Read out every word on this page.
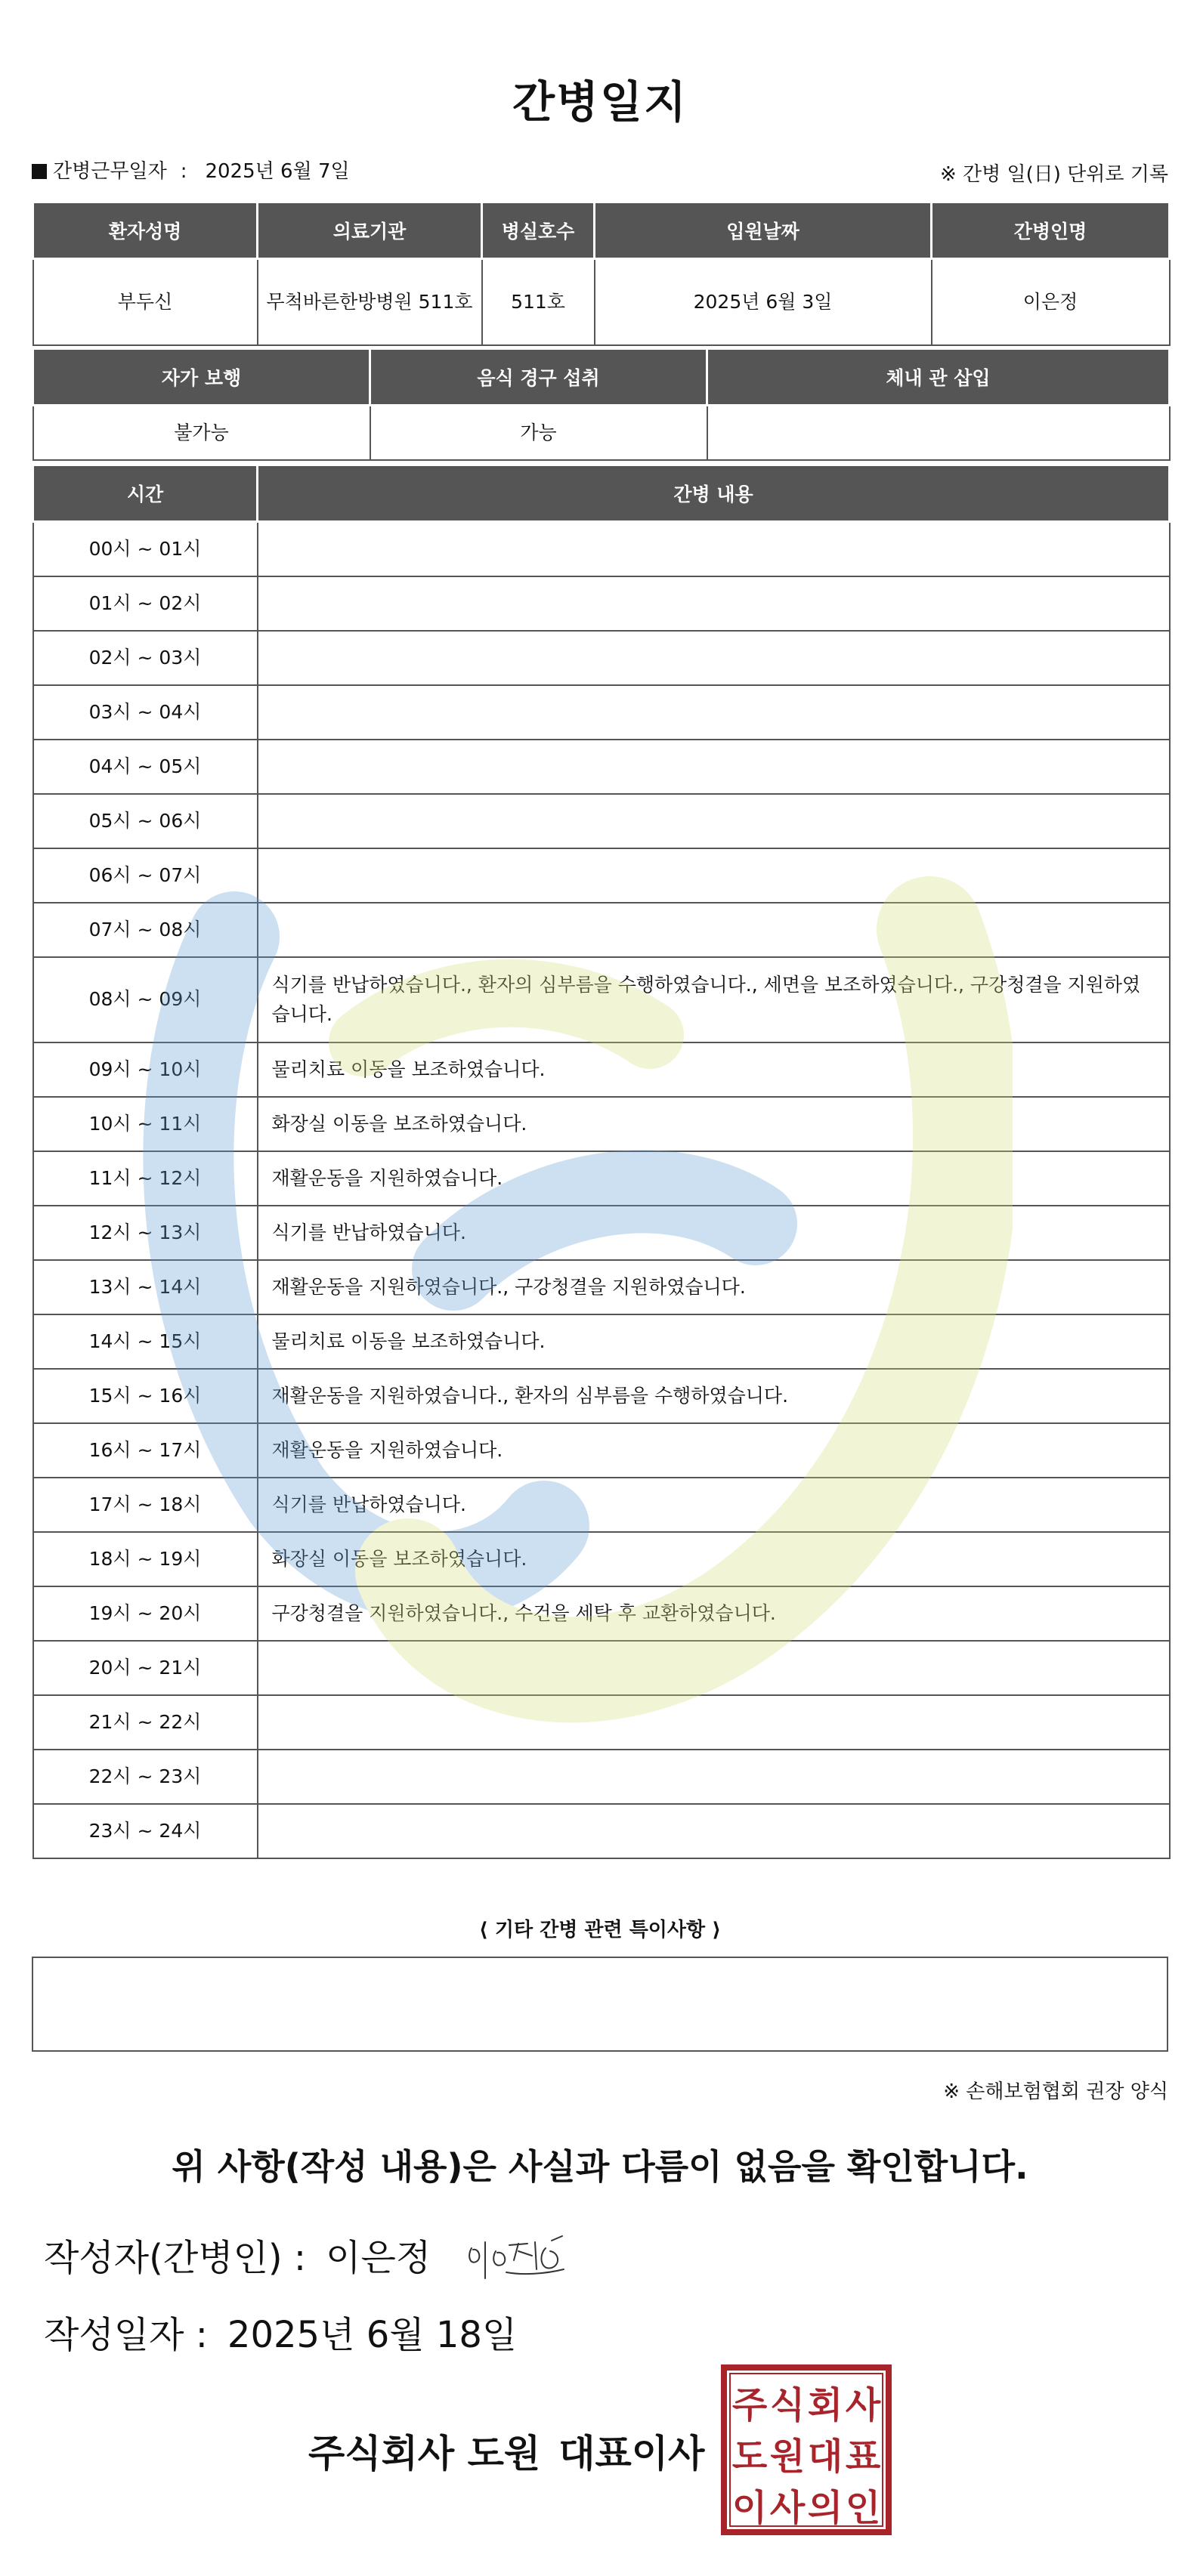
간병일지
간병근무일자 : 2025년 6월 7일	※ 간병 일(日) 단위로 기록
환자성명	의료기관	병실호수	입원날짜	간병인명
부두신	무척바른한방병원 511호	511호	2025년 6월 3일	이은정
자가 보행	음식 경구 섭취	체내 관 삽입
불가능	가능	
시간	간병 내용
00시 ~ 01시	
01시 ~ 02시	
02시 ~ 03시	
03시 ~ 04시	
04시 ~ 05시	
05시 ~ 06시	
06시 ~ 07시	
07시 ~ 08시	
08시 ~ 09시	식기를 반납하였습니다., 환자의 심부름을 수행하였습니다., 세면을 보조하였습니다., 구강청결을 지원하였습니다.
09시 ~ 10시	물리치료 이동을 보조하였습니다.
10시 ~ 11시	화장실 이동을 보조하였습니다.
11시 ~ 12시	재활운동을 지원하였습니다.
12시 ~ 13시	식기를 반납하였습니다.
13시 ~ 14시	재활운동을 지원하였습니다., 구강청결을 지원하였습니다.
14시 ~ 15시	물리치료 이동을 보조하였습니다.
15시 ~ 16시	재활운동을 지원하였습니다., 환자의 심부름을 수행하였습니다.
16시 ~ 17시	재활운동을 지원하였습니다.
17시 ~ 18시	식기를 반납하였습니다.
18시 ~ 19시	화장실 이동을 보조하였습니다.
19시 ~ 20시	구강청결을 지원하였습니다., 수건을 세탁 후 교환하였습니다.
20시 ~ 21시	
21시 ~ 22시	
22시 ~ 23시	
23시 ~ 24시	
⟨ 기타 간병 관련 특이사항 ⟩
※ 손해보험협회 권장 양식
위 사항(작성 내용)은 사실과 다름이 없음을 확인합니다.
작성자(간병인) : 이은정
작성일자 : 2025년 6월 18일
주식회사 도원 대표이사
주 식 회 사
도 원 대 표
이 사 의 인
